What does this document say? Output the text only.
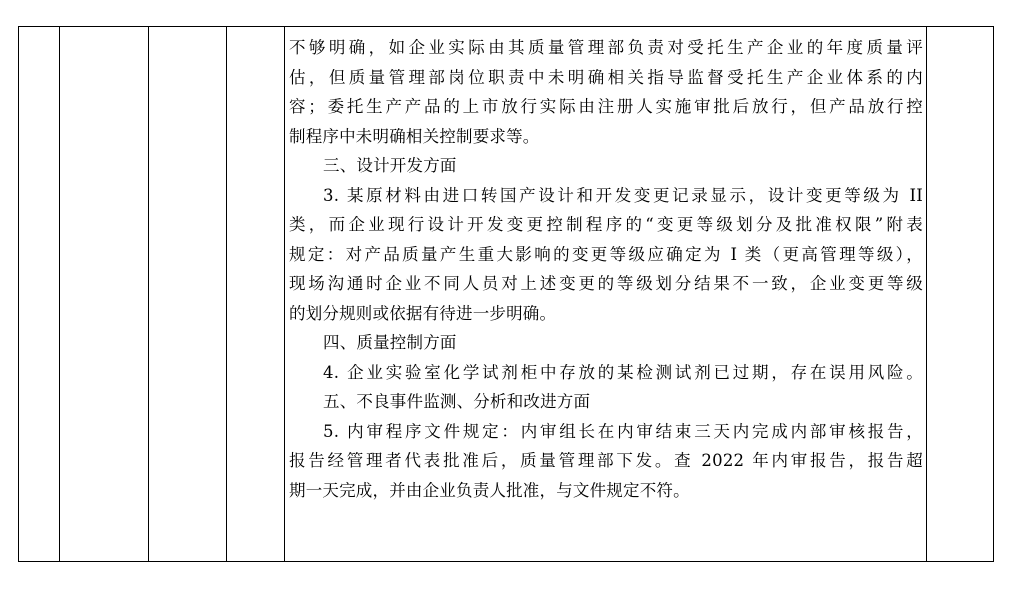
不够明确，如企业实际由其质量管理部负责对受托生产企业的年度质量评
估，但质量管理部岗位职责中未明确相关指导监督受托生产企业体系的内
容；委托生产产品的上市放行实际由注册人实施审批后放行，但产品放行控
制程序中未明确相关控制要求等。
三、设计开发方面
3. 某原材料由进口转国产设计和开发变更记录显示，设计变更等级为 II
类，而企业现行设计开发变更控制程序的“变更等级划分及批准权限”附表
规定：对产品质量产生重大影响的变更等级应确定为 I 类（更高管理等级），
现场沟通时企业不同人员对上述变更的等级划分结果不一致，企业变更等级
的划分规则或依据有待进一步明确。
四、质量控制方面
4. 企业实验室化学试剂柜中存放的某检测试剂已过期，存在误用风险。
五、不良事件监测、分析和改进方面
5. 内审程序文件规定：内审组长在内审结束三天内完成内部审核报告，
报告经管理者代表批准后，质量管理部下发。查 2022 年内审报告，报告超
期一天完成，并由企业负责人批准，与文件规定不符。
